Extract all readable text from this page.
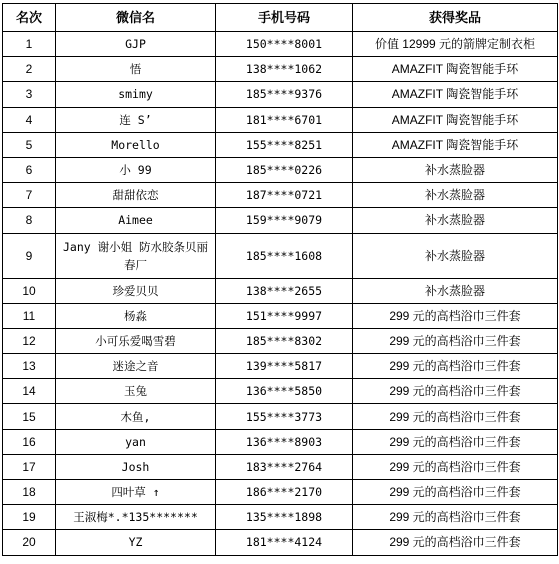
名次	微信名	手机号码	获得奖品
1	GJP	150****8001	价值 12999 元的箭牌定制衣柜
2	悟	138****1062	AMAZFIT 陶瓷智能手环
3	smimy	185****9376	AMAZFIT 陶瓷智能手环
4	连 S’	181****6701	AMAZFIT 陶瓷智能手环
5	Morello	155****8251	AMAZFIT 陶瓷智能手环
6	小 99	185****0226	补水蒸脸器
7	甜甜依恋	187****0721	补水蒸脸器
8	Aimee	159****9079	补水蒸脸器
9	Jany 谢小姐 防水胶条贝丽春厂	185****1608	补水蒸脸器
10	珍爱贝贝	138****2655	补水蒸脸器
11	杨淼	151****9997	299 元的高档浴巾三件套
12	小可乐爱喝雪碧	185****8302	299 元的高档浴巾三件套
13	迷途之音	139****5817	299 元的高档浴巾三件套
14	玉兔	136****5850	299 元的高档浴巾三件套
15	木鱼,	155****3773	299 元的高档浴巾三件套
16	yan	136****8903	299 元的高档浴巾三件套
17	Josh	183****2764	299 元的高档浴巾三件套
18	四叶草 ↑	186****2170	299 元的高档浴巾三件套
19	王淑梅*.*135*******	135****1898	299 元的高档浴巾三件套
20	YZ	181****4124	299 元的高档浴巾三件套
